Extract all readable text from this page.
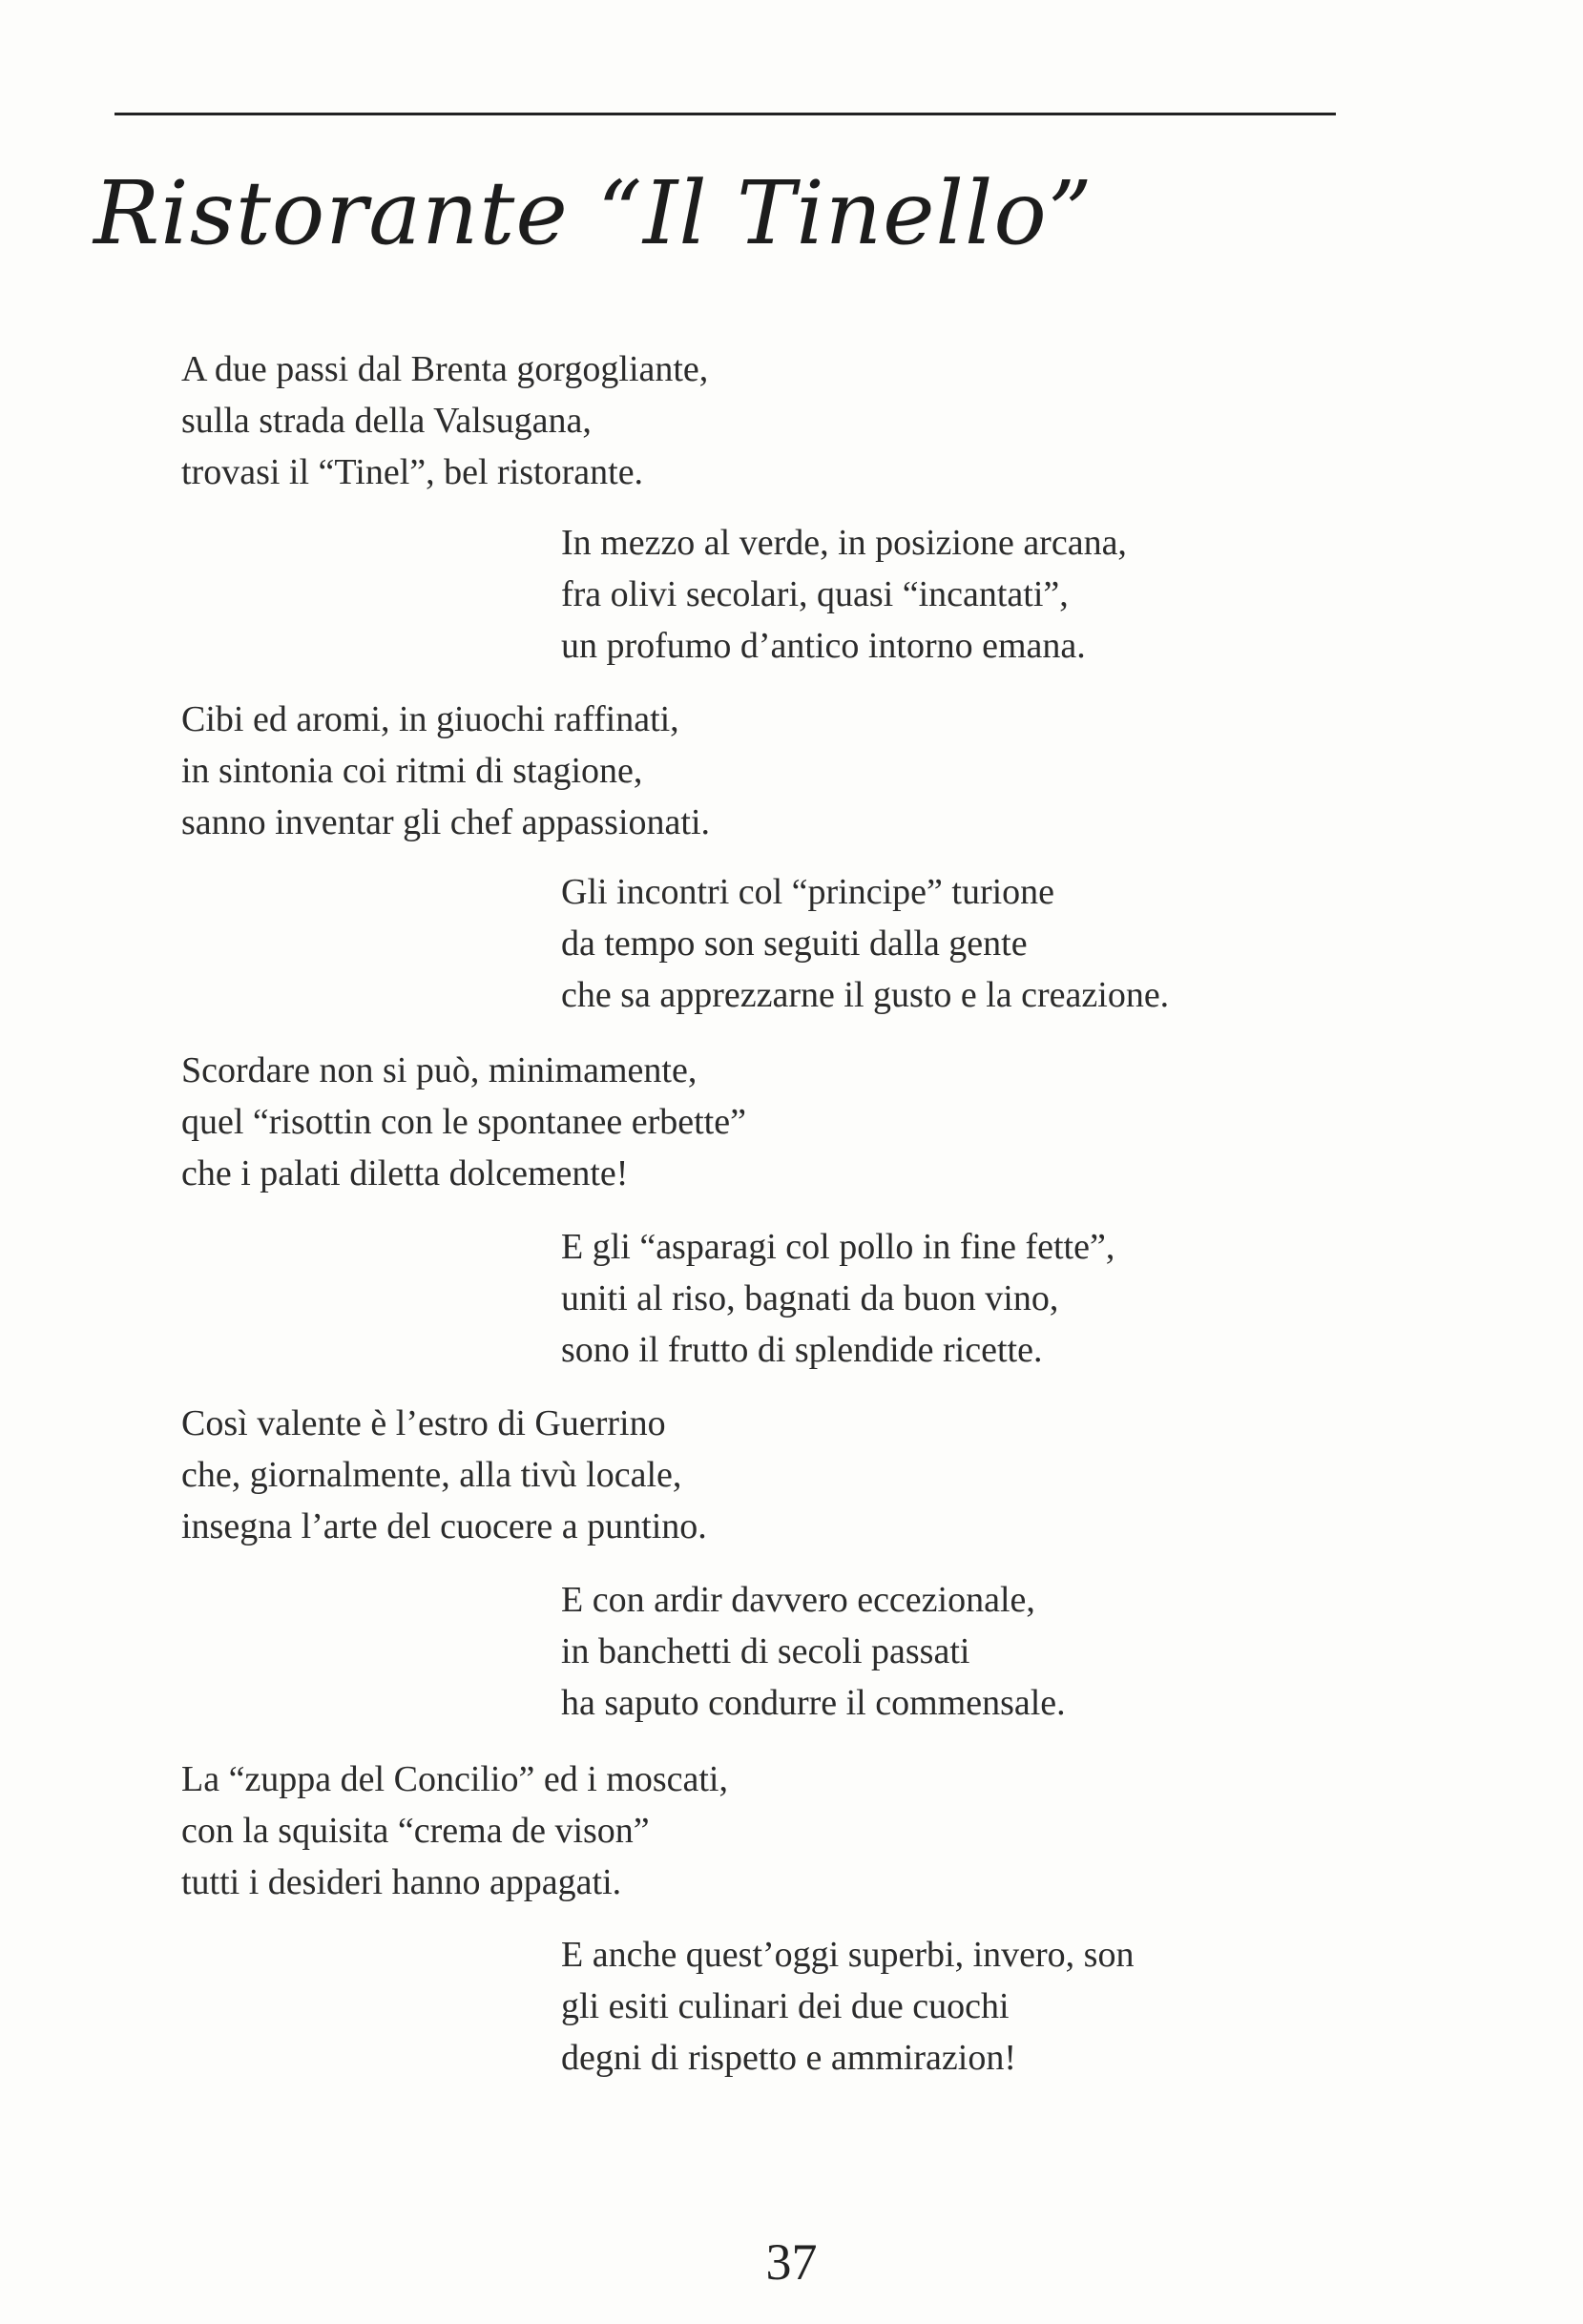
Ristorante “Il Tinello”
A due passi dal Brenta gorgogliante,
sulla strada della Valsugana,
trovasi il “Tinel”, bel ristorante.
In mezzo al verde, in posizione arcana,
fra olivi secolari, quasi “incantati”,
un profumo d’antico intorno emana.
Cibi ed aromi, in giuochi raffinati,
in sintonia coi ritmi di stagione,
sanno inventar gli chef appassionati.
Gli incontri col “principe” turione
da tempo son seguiti dalla gente
che sa apprezzarne il gusto e la creazione.
Scordare non si può, minimamente,
quel “risottin con le spontanee erbette”
che i palati diletta dolcemente!
E gli “asparagi col pollo in fine fette”,
uniti al riso, bagnati da buon vino,
sono il frutto di splendide ricette.
Così valente è l’estro di Guerrino
che, giornalmente, alla tivù locale,
insegna l’arte del cuocere a puntino.
E con ardir davvero eccezionale,
in banchetti di secoli passati
ha saputo condurre il commensale.
La “zuppa del Concilio” ed i moscati,
con la squisita “crema de vison”
tutti i desideri hanno appagati.
E anche quest’oggi superbi, invero, son
gli esiti culinari dei due cuochi
degni di rispetto e ammirazion!
37
